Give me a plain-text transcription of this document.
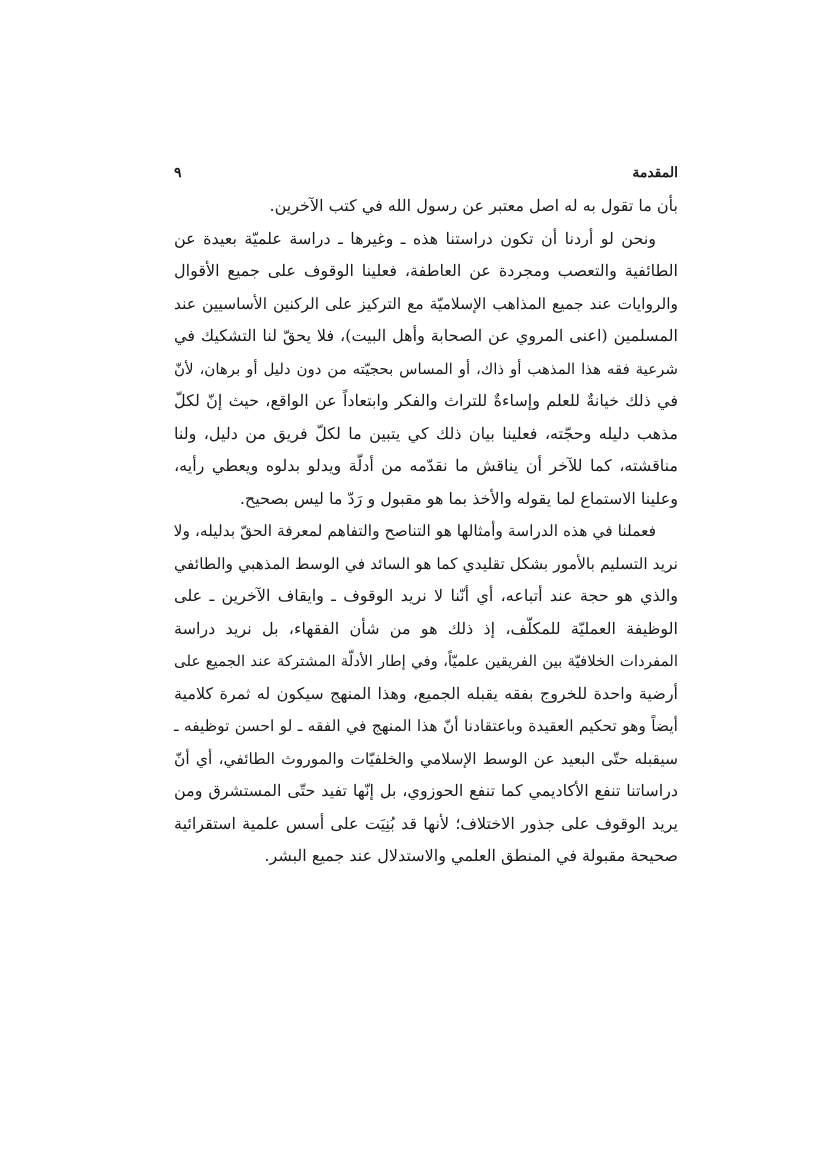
المقدمة
٩

بأن ما تقول به له اصل معتبر عن رسول الله في كتب الآخرين.

ونحن لو أردنا أن تكون دراستنا هذه ـ وغيرها ـ دراسة علميّة بعيدة عن
الطائفية والتعصب ومجردة عن العاطفة، فعلينا الوقوف على جميع الأقوال
والروايات عند جميع المذاهب الإسلاميّة مع التركيز على الركنين الأساسيين عند
المسلمين (اعنى المروي عن الصحابة وأهل البيت)، فلا يحقّ لنا التشكيك في
شرعية فقه هذا المذهب أو ذاك، أو المساس بحجيّته من دون دليل أو برهان، لأنّ
في ذلك خيانةٌ للعلم وإساءةٌ للتراث والفكر وابتعاداً عن الواقع، حيث إنّ لكلّ
مذهب دليله وحجّته، فعلينا بيان ذلك كي يتبين ما لكلّ فريق من دليل، ولنا
مناقشته، كما للآخر أن يناقش ما نقدّمه من أدلّة ويدلو بدلوه ويعطي رأيه،
وعلينا الاستماع لما يقوله والأخذ بما هو مقبول و رَدّ ما ليس بصحيح.

فعملنا في هذه الدراسة وأمثالها هو التناصح والتفاهم لمعرفة الحقّ بدليله، ولا
نريد التسليم بالأمور بشكل تقليدي كما هو السائد في الوسط المذهبي والطائفي
والذي هو حجة عند أتباعه، أي أنّنا لا نريد الوقوف ـ وايقاف الآخرين ـ على
الوظيفة العمليّة للمكلّف، إذ ذلك هو من شأن الفقهاء، بل نريد دراسة
المفردات الخلافيّة بين الفريقين علميّاً، وفي إطار الأدلّة المشتركة عند الجميع على
أرضية واحدة للخروج بفقه يقبله الجميع، وهذا المنهج سيكون له ثمرة كلامية
أيضاً وهو تحكيم العقيدة وباعتقادنا أنّ هذا المنهج في الفقه ـ لو احسن توظيفه ـ
سيقبله حتّى البعيد عن الوسط الإسلامي والخلفيّات والموروث الطائفي، أي أنّ
دراساتنا تنفع الأكاديمي كما تنفع الحوزوي، بل إنّها تفيد حتّى المستشرق ومن
يريد الوقوف على جذور الاختلاف؛ لأنها قد بُنِيَت على أسس علمية استقرائية
صحيحة مقبولة في المنطق العلمي والاستدلال عند جميع البشر.
